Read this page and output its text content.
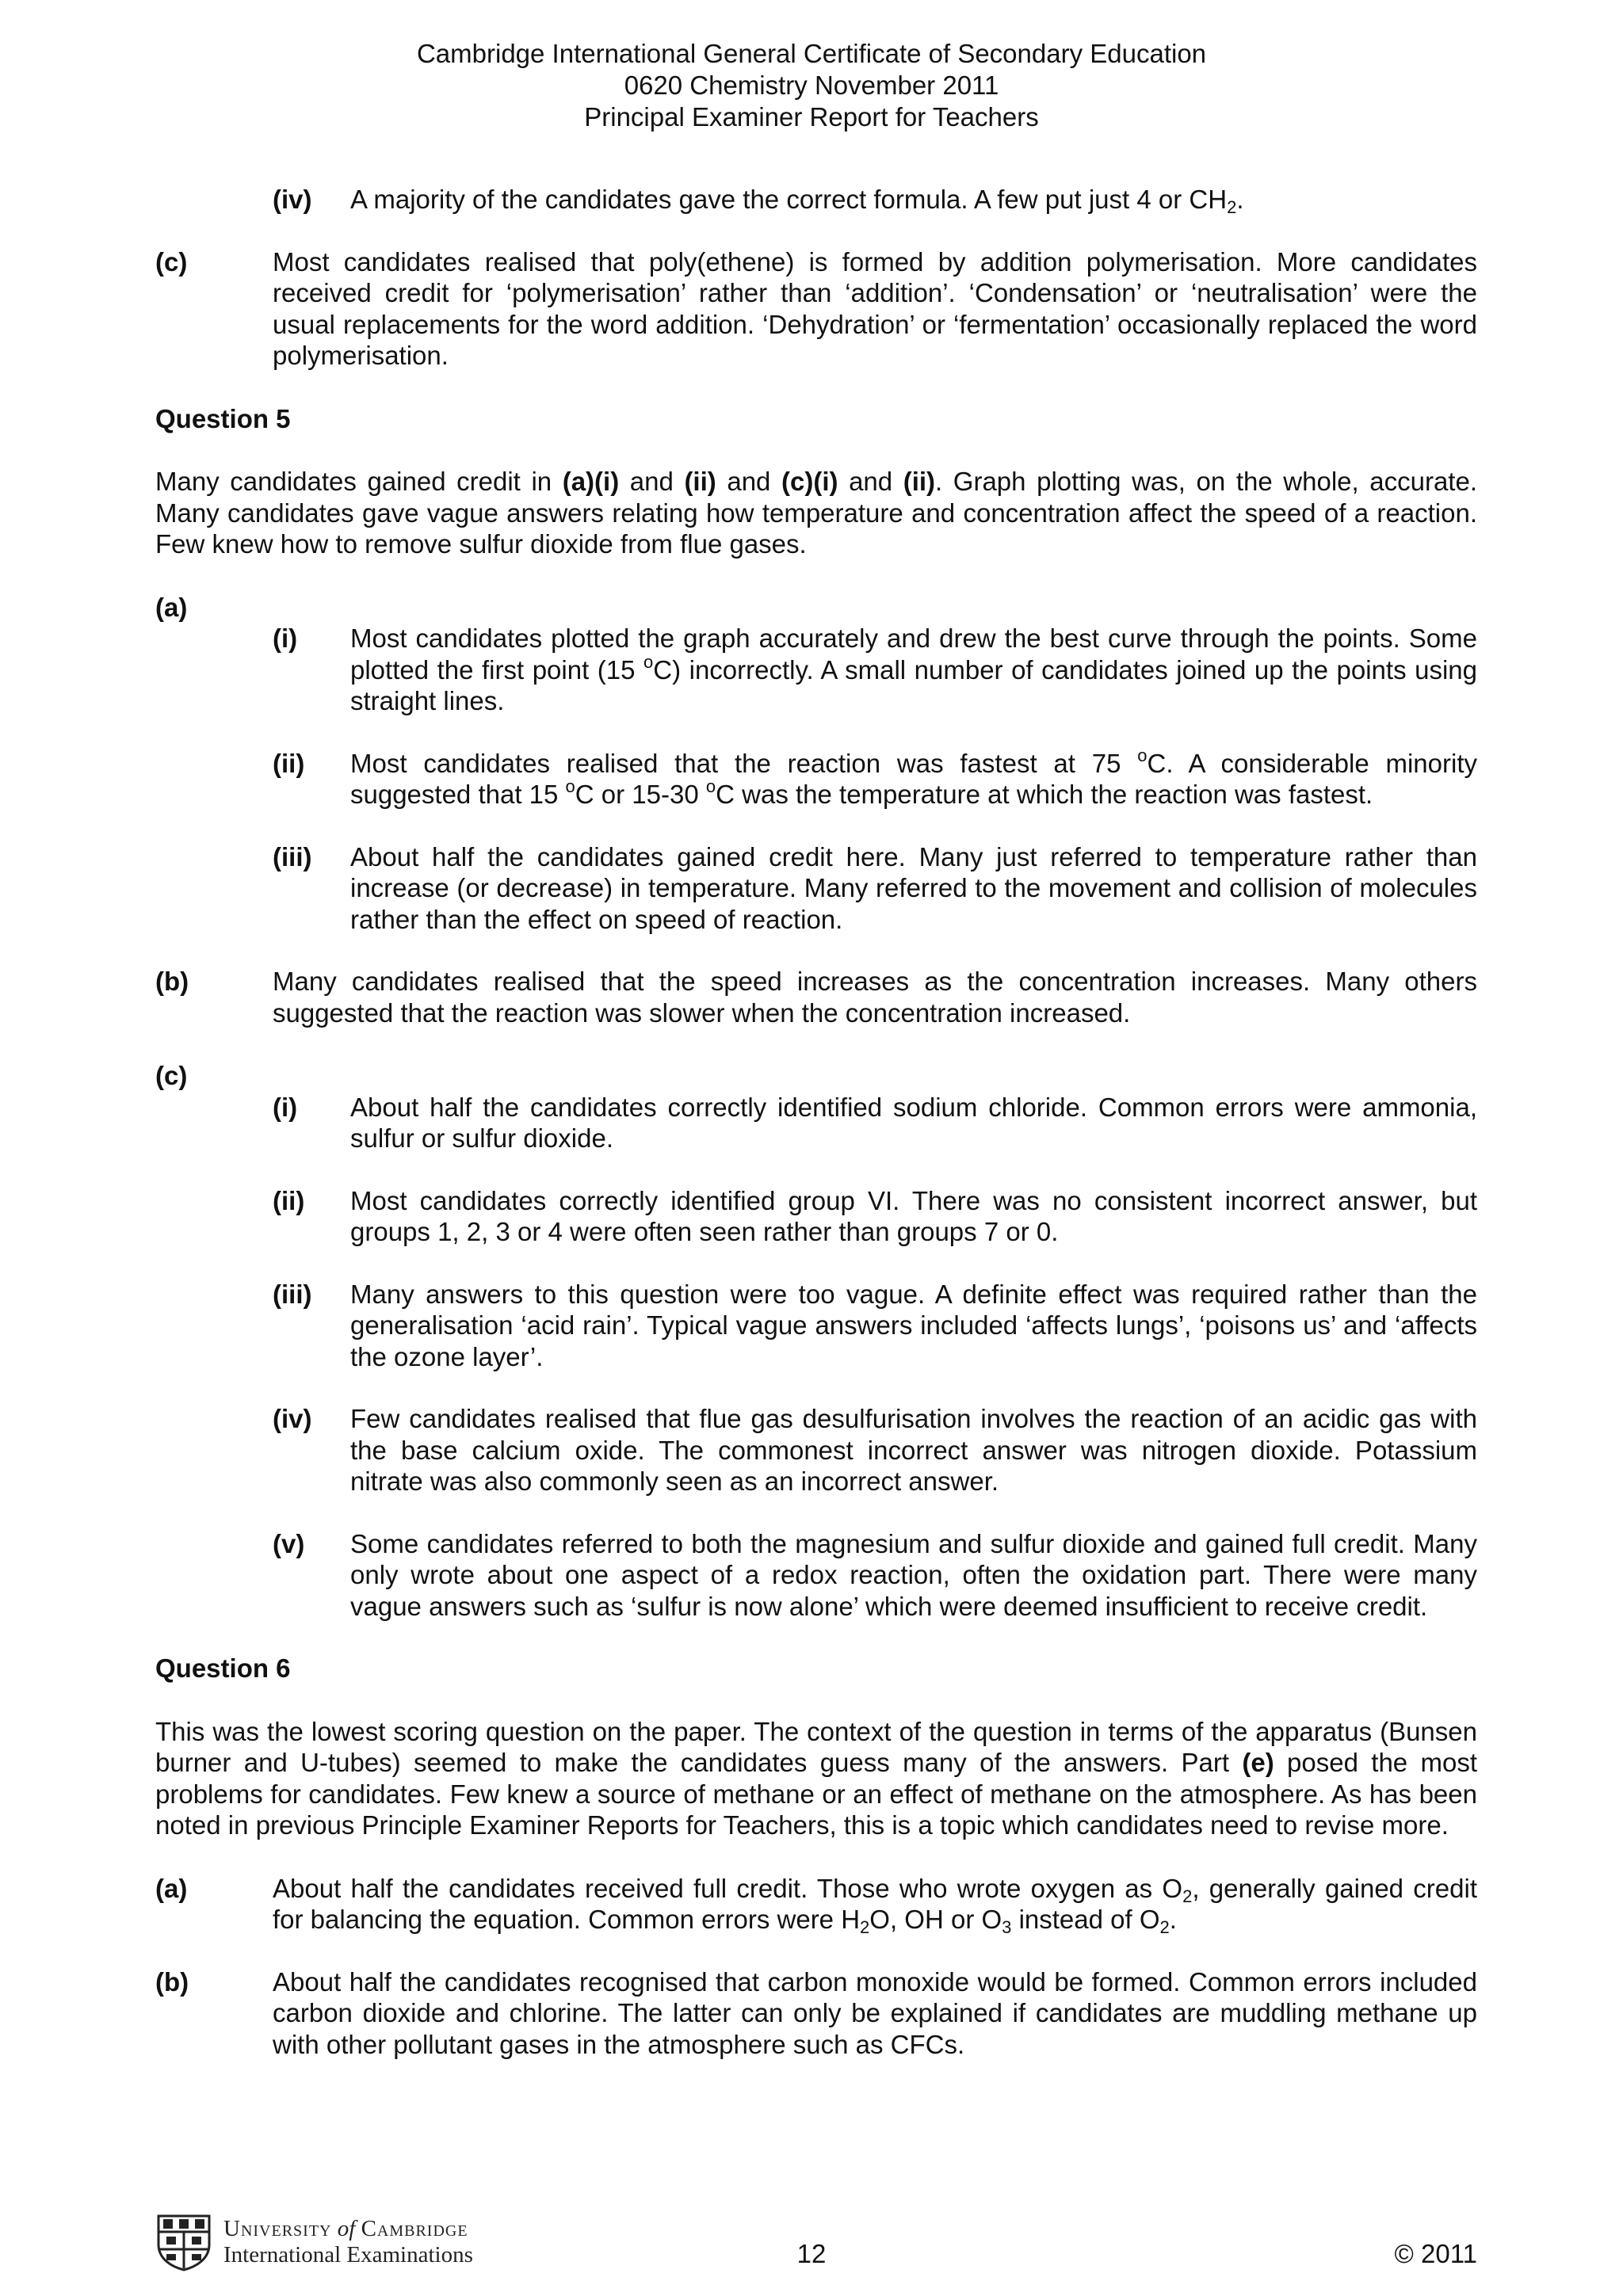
Cambridge International General Certificate of Secondary Education
0620 Chemistry November 2011
Principal Examiner Report for Teachers
(iv)	A majority of the candidates gave the correct formula. A few put just 4 or $CH_2$.
(c)	Most candidates realised that poly(ethene) is formed by addition polymerisation. More candidates received credit for ‘polymerisation’ rather than ‘addition’. ‘Condensation’ or ‘neutralisation’ were the usual replacements for the word addition. ‘Dehydration’ or ‘fermentation’ occasionally replaced the word polymerisation.

Question 5

Many candidates gained credit in (a)(i) and (ii) and (c)(i) and (ii). Graph plotting was, on the whole, accurate. Many candidates gave vague answers relating how temperature and concentration affect the speed of a reaction. Few knew how to remove sulfur dioxide from flue gases.

(a)
(i)	Most candidates plotted the graph accurately and drew the best curve through the points. Some plotted the first point (15 $^o$C) incorrectly. A small number of candidates joined up the points using straight lines.
(ii)	Most candidates realised that the reaction was fastest at 75 $^o$C. A considerable minority suggested that 15 $^o$C or 15-30 $^o$C was the temperature at which the reaction was fastest.
(iii)	About half the candidates gained credit here. Many just referred to temperature rather than increase (or decrease) in temperature. Many referred to the movement and collision of molecules rather than the effect on speed of reaction.
(b)	Many candidates realised that the speed increases as the concentration increases. Many others suggested that the reaction was slower when the concentration increased.
(c)
(i)	About half the candidates correctly identified sodium chloride. Common errors were ammonia, sulfur or sulfur dioxide.
(ii)	Most candidates correctly identified group VI. There was no consistent incorrect answer, but groups 1, 2, 3 or 4 were often seen rather than groups 7 or 0.
(iii)	Many answers to this question were too vague. A definite effect was required rather than the generalisation ‘acid rain’. Typical vague answers included ‘affects lungs’, ‘poisons us’ and ‘affects the ozone layer’.
(iv)	Few candidates realised that flue gas desulfurisation involves the reaction of an acidic gas with the base calcium oxide. The commonest incorrect answer was nitrogen dioxide. Potassium nitrate was also commonly seen as an incorrect answer.
(v)	Some candidates referred to both the magnesium and sulfur dioxide and gained full credit. Many only wrote about one aspect of a redox reaction, often the oxidation part. There were many vague answers such as ‘sulfur is now alone’ which were deemed insufficient to receive credit.

Question 6

This was the lowest scoring question on the paper. The context of the question in terms of the apparatus (Bunsen burner and U-tubes) seemed to make the candidates guess many of the answers. Part (e) posed the most problems for candidates. Few knew a source of methane or an effect of methane on the atmosphere. As has been noted in previous Principle Examiner Reports for Teachers, this is a topic which candidates need to revise more.

(a)	About half the candidates received full credit. Those who wrote oxygen as $O_2$, generally gained credit for balancing the equation. Common errors were $H_2O$, OH or $O_3$ instead of $O_2$.
(b)	About half the candidates recognised that carbon monoxide would be formed. Common errors included carbon dioxide and chlorine. The latter can only be explained if candidates are muddling methane up with other pollutant gases in the atmosphere such as CFCs.
University of Cambridge
International Examinations	12	© 2011
